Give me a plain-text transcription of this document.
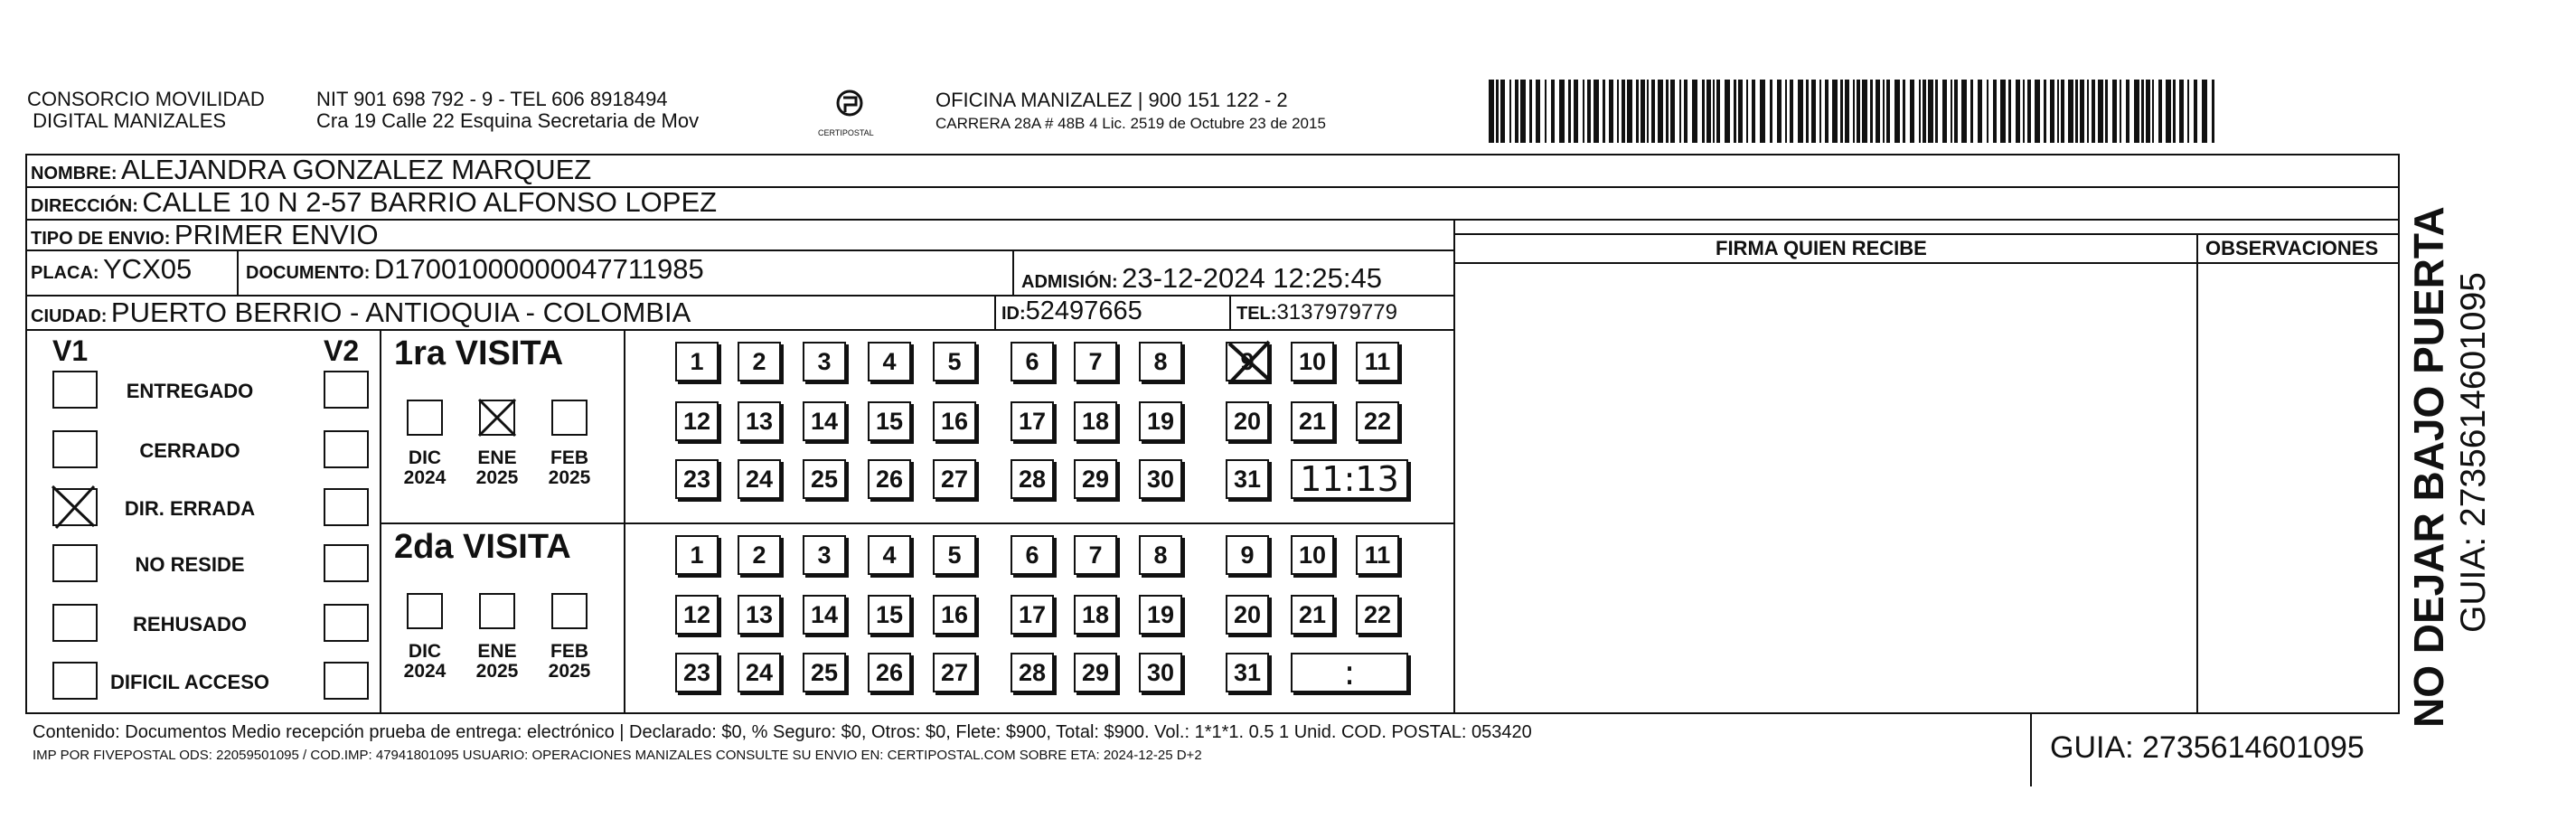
CONSORCIO MOVILIDAD
DIGITAL MANIZALES
NIT 901 698 792 - 9 - TEL 606 8918494
Cra 19 Calle 22 Esquina Secretaria de Mov
CERTIPOSTAL
OFICINA MANIZALEZ | 900 151 122 - 2
CARRERA 28A # 48B 4 Lic. 2519 de Octubre 23 de 2015
NOMBRE: ALEJANDRA GONZALEZ MARQUEZ
DIRECCIÓN: CALLE 10 N 2-57 BARRIO ALFONSO LOPEZ
TIPO DE ENVIO: PRIMER ENVIO
PLACA: YCX05	DOCUMENTO: D17001000000047711985	ADMISIÓN: 23-12-2024 12:25:45
CIUDAD: PUERTO BERRIO - ANTIOQUIA - COLOMBIA	ID:52497665	TEL:3137979779
FIRMA QUIEN RECIBE	OBSERVACIONES
V1	V2
ENTREGADO
CERRADO
DIR. ERRADA
NO RESIDE
REHUSADO
DIFICIL ACCESO
1ra VISITA
DIC
2024
ENE
2025
FEB
2025
1	2	3	4	5	6	7	8	9	10	11
12	13	14	15	16	17	18	19	20	21	22
23	24	25	26	27	28	29	30	31 11:13
2da VISITA
DIC
2024
ENE
2025
FEB
2025
1	2	3	4	5	6	7	8	9	10	11
12	13	14	15	16	17	18	19	20	21	22
23	24	25	26	27	28	29	30	31	:
Contenido: Documentos Medio recepción prueba de entrega: electrónico | Declarado: $0, % Seguro: $0, Otros: $0, Flete: $900, Total: $900. Vol.: 1*1*1. 0.5 1 Unid. COD. POSTAL: 053420
IMP POR FIVEPOSTAL ODS: 22059501095 / COD.IMP: 47941801095 USUARIO: OPERACIONES MANIZALES CONSULTE SU ENVIO EN: CERTIPOSTAL.COM SOBRE ETA: 2024-12-25 D+2	GUIA: 2735614601095
NO DEJAR BAJO PUERTA GUIA: 2735614601095
